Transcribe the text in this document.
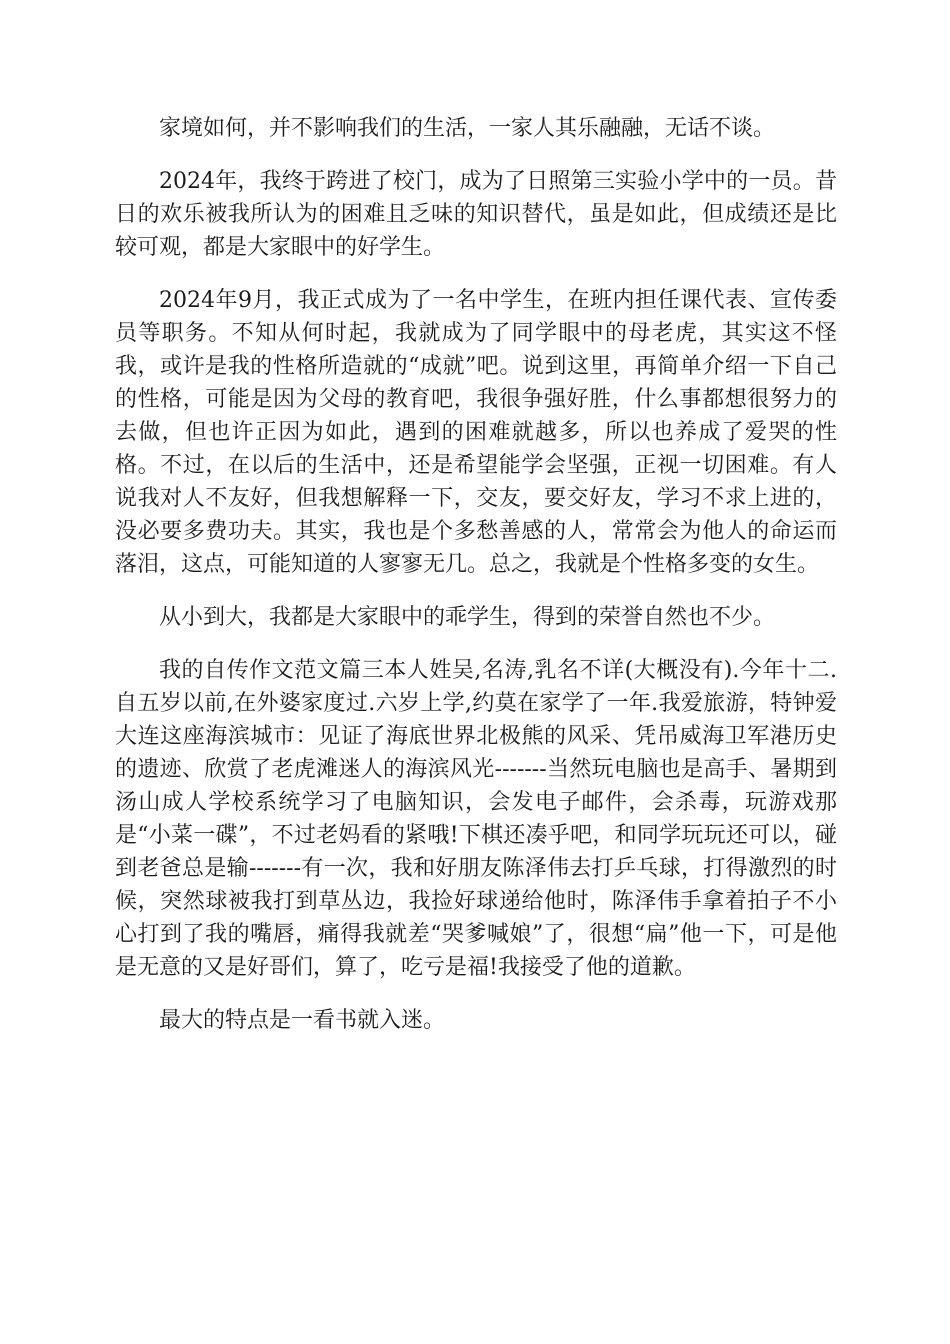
家境如何，并不影响我们的生活，一家人其乐融融，无话不谈。

2024年，我终于跨进了校门，成为了日照第三实验小学中的一员。昔日的欢乐被我所认为的困难且乏味的知识替代，虽是如此，但成绩还是比较可观，都是大家眼中的好学生。

2024年9月，我正式成为了一名中学生，在班内担任课代表、宣传委员等职务。不知从何时起，我就成为了同学眼中的母老虎，其实这不怪我，或许是我的性格所造就的“成就”吧。说到这里，再简单介绍一下自己的性格，可能是因为父母的教育吧，我很争强好胜，什么事都想很努力的去做，但也许正因为如此，遇到的困难就越多，所以也养成了爱哭的性格。不过，在以后的生活中，还是希望能学会坚强，正视一切困难。有人说我对人不友好，但我想解释一下，交友，要交好友，学习不求上进的，没必要多费功夫。其实，我也是个多愁善感的人，常常会为他人的命运而落泪，这点，可能知道的人寥寥无几。总之，我就是个性格多变的女生。

从小到大，我都是大家眼中的乖学生，得到的荣誉自然也不少。

我的自传作文范文篇三本人姓吴,名涛,乳名不详(大概没有).今年十二.自五岁以前,在外婆家度过.六岁上学,约莫在家学了一年.我爱旅游，特钟爱大连这座海滨城市：见证了海底世界北极熊的风采、凭吊威海卫军港历史的遗迹、欣赏了老虎滩迷人的海滨风光-------当然玩电脑也是高手、暑期到汤山成人学校系统学习了电脑知识，会发电子邮件，会杀毒，玩游戏那是“小菜一碟”，不过老妈看的紧哦!下棋还凑乎吧，和同学玩玩还可以，碰到老爸总是输-------有一次，我和好朋友陈泽伟去打乒乓球，打得激烈的时候，突然球被我打到草丛边，我捡好球递给他时，陈泽伟手拿着拍子不小心打到了我的嘴唇，痛得我就差“哭爹喊娘”了，很想“扁”他一下，可是他是无意的又是好哥们，算了，吃亏是福!我接受了他的道歉。

最大的特点是一看书就入迷。
